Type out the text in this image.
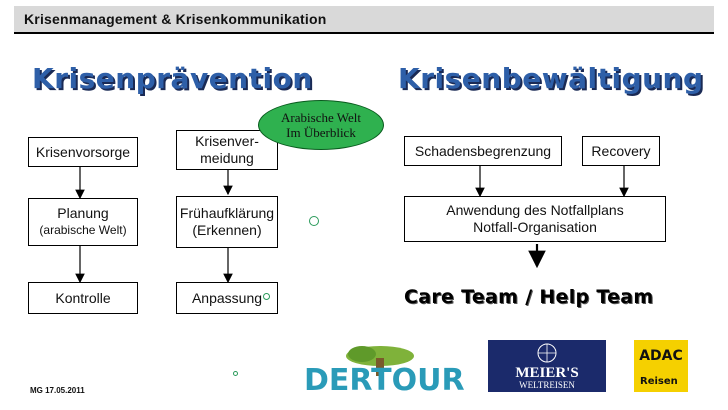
Krisenmanagement & Krisenkommunikation
Krisenprävention	Krisenbewältigung
Krisenvorsorge
Planung
(arabische Welt)
Kontrolle
Krisenver-
meidung
Frühaufklärung
(Erkennen)
Anpassung
Arabische Welt
Im Überblick
Schadensbegrenzung	Recovery
Anwendung des Notfallplans
Notfall-Organisation
Care Team / Help Team
DERTOUR	MEIER'S
WELTREISEN
ADAC
Reisen
MG 17.05.2011
